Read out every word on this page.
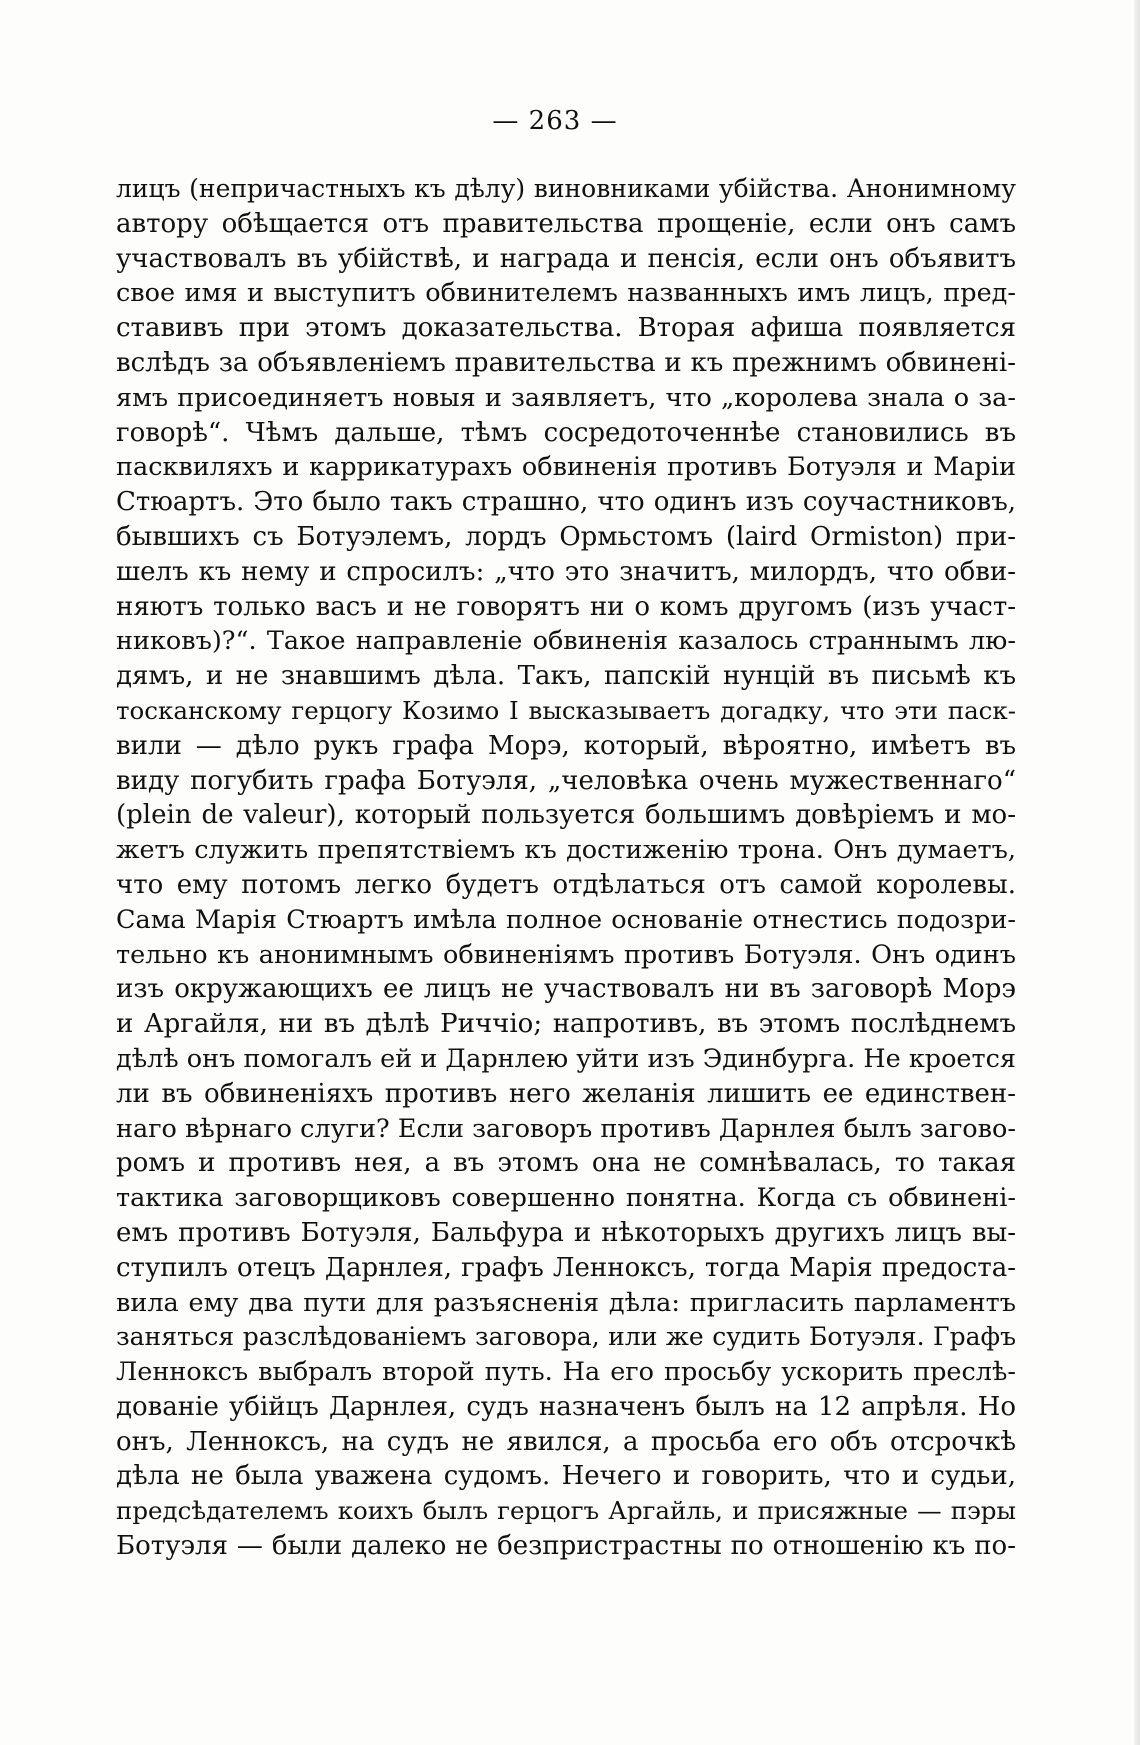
— 263 —
лицъ (непричастныхъ къ дѣлу) виновниками убійства. Анонимному
автору обѣщается отъ правительства прощеніе, если онъ самъ
участвовалъ въ убійствѣ, и награда и пенсія, если онъ объявитъ
свое имя и выступитъ обвинителемъ названныхъ имъ лицъ, пред-
ставивъ при этомъ доказательства. Вторая афиша появляется
вслѣдъ за объявленіемъ правительства и къ прежнимъ обвинені-
ямъ присоединяетъ новыя и заявляетъ, что „королева знала о за-
говорѣ“. Чѣмъ дальше, тѣмъ сосредоточеннѣе становились въ
пасквиляхъ и каррикатурахъ обвиненія противъ Ботуэля и Маріи
Стюартъ. Это было такъ страшно, что одинъ изъ соучастниковъ,
бывшихъ съ Ботуэлемъ, лордъ Ормьстомъ (laird Ormiston) при-
шелъ къ нему и спросилъ: „что это значитъ, милордъ, что обви-
няютъ только васъ и не говорятъ ни о комъ другомъ (изъ участ-
никовъ)?“. Такое направленіе обвиненія казалось страннымъ лю-
дямъ, и не знавшимъ дѣла. Такъ, папскій нунцій въ письмѣ къ
тосканскому герцогу Козимо I высказываетъ догадку, что эти паск-
вили — дѣло рукъ графа Морэ, который, вѣроятно, имѣетъ въ
виду погубить графа Ботуэля, „человѣка очень мужественнаго“
(plein de valeur), который пользуется большимъ довѣріемъ и мо-
жетъ служить препятствіемъ къ достиженію трона. Онъ думаетъ,
что ему потомъ легко будетъ отдѣлаться отъ самой королевы.
Сама Марія Стюартъ имѣла полное основаніе отнестись подозри-
тельно къ анонимнымъ обвиненіямъ противъ Ботуэля. Онъ одинъ
изъ окружающихъ ее лицъ не участвовалъ ни въ заговорѣ Морэ
и Аргайля, ни въ дѣлѣ Риччіо; напротивъ, въ этомъ послѣднемъ
дѣлѣ онъ помогалъ ей и Дарнлею уйти изъ Эдинбурга. Не кроется
ли въ обвиненіяхъ противъ него желанія лишить ее единствен-
наго вѣрнаго слуги? Если заговоръ противъ Дарнлея былъ загово-
ромъ и противъ нея, а въ этомъ она не сомнѣвалась, то такая
тактика заговорщиковъ совершенно понятна. Когда съ обвинені-
емъ противъ Ботуэля, Бальфура и нѣкоторыхъ другихъ лицъ вы-
ступилъ отецъ Дарнлея, графъ Ленноксъ, тогда Марія предоста-
вила ему два пути для разъясненія дѣла: пригласить парламентъ
заняться разслѣдованіемъ заговора, или же судить Ботуэля. Графъ
Ленноксъ выбралъ второй путь. На его просьбу ускорить преслѣ-
дованіе убійцъ Дарнлея, судъ назначенъ былъ на 12 апрѣля. Но
онъ, Ленноксъ, на судъ не явился, а просьба его объ отсрочкѣ
дѣла не была уважена судомъ. Нечего и говорить, что и судьи,
предсѣдателемъ коихъ былъ герцогъ Аргайль, и присяжные — пэры
Ботуэля — были далеко не безпристрастны по отношенію къ по-
